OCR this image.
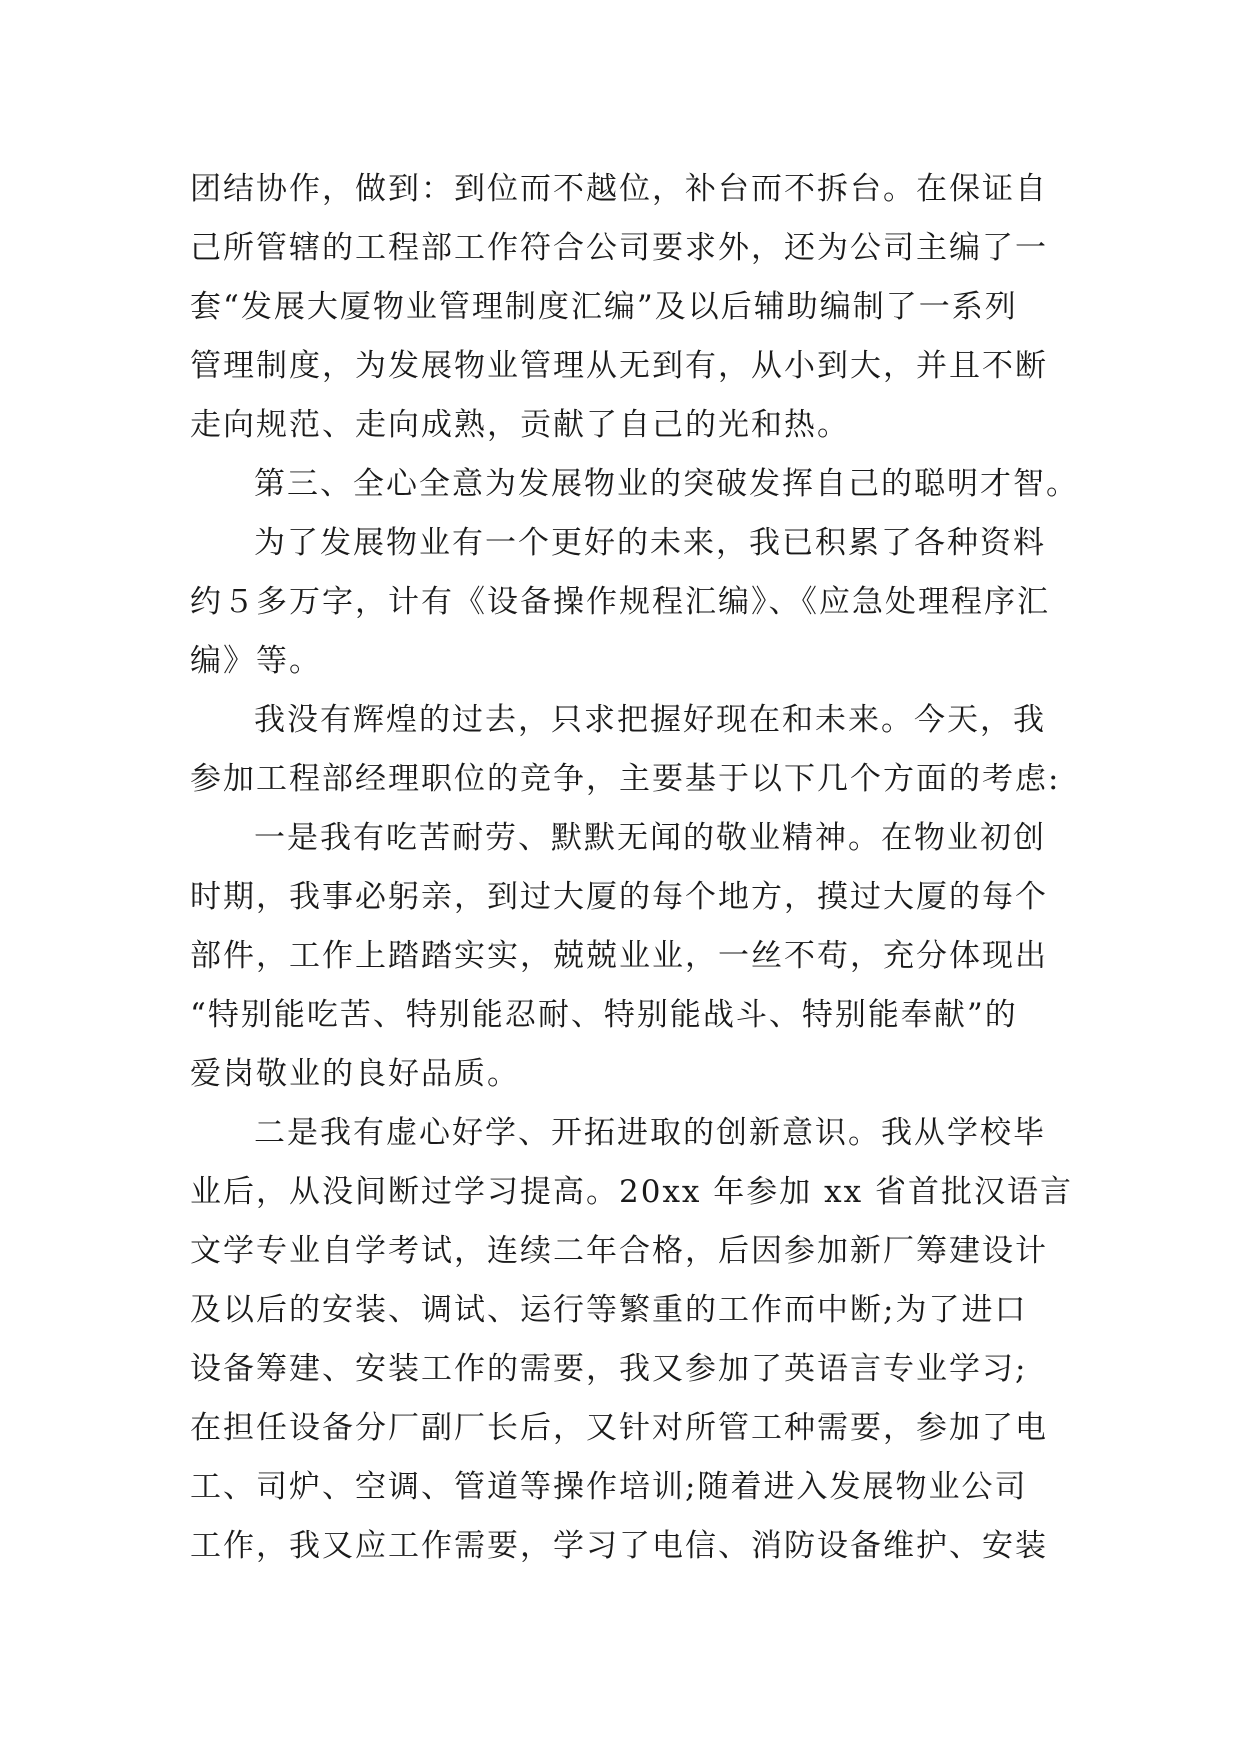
团结协作，做到：到位而不越位，补台而不拆台。在保证自
己所管辖的工程部工作符合公司要求外，还为公司主编了一
套“发展大厦物业管理制度汇编”及以后辅助编制了一系列
管理制度，为发展物业管理从无到有，从小到大，并且不断
走向规范、走向成熟，贡献了自己的光和热。
第三、全心全意为发展物业的突破发挥自己的聪明才智。
为了发展物业有一个更好的未来，我已积累了各种资料
约５多万字，计有《设备操作规程汇编》、《应急处理程序汇
编》等。
我没有辉煌的过去，只求把握好现在和未来。今天，我
参加工程部经理职位的竞争，主要基于以下几个方面的考虑:
一是我有吃苦耐劳、默默无闻的敬业精神。在物业初创
时期，我事必躬亲，到过大厦的每个地方，摸过大厦的每个
部件，工作上踏踏实实，兢兢业业，一丝不苟，充分体现出
“特别能吃苦、特别能忍耐、特别能战斗、特别能奉献”的
爱岗敬业的良好品质。
二是我有虚心好学、开拓进取的创新意识。我从学校毕
业后，从没间断过学习提高。20xx 年参加 xx 省首批汉语言
文学专业自学考试，连续二年合格，后因参加新厂筹建设计
及以后的安装、调试、运行等繁重的工作而中断;为了进口
设备筹建、安装工作的需要，我又参加了英语言专业学习;
在担任设备分厂副厂长后，又针对所管工种需要，参加了电
工、司炉、空调、管道等操作培训;随着进入发展物业公司
工作，我又应工作需要，学习了电信、消防设备维护、安装
